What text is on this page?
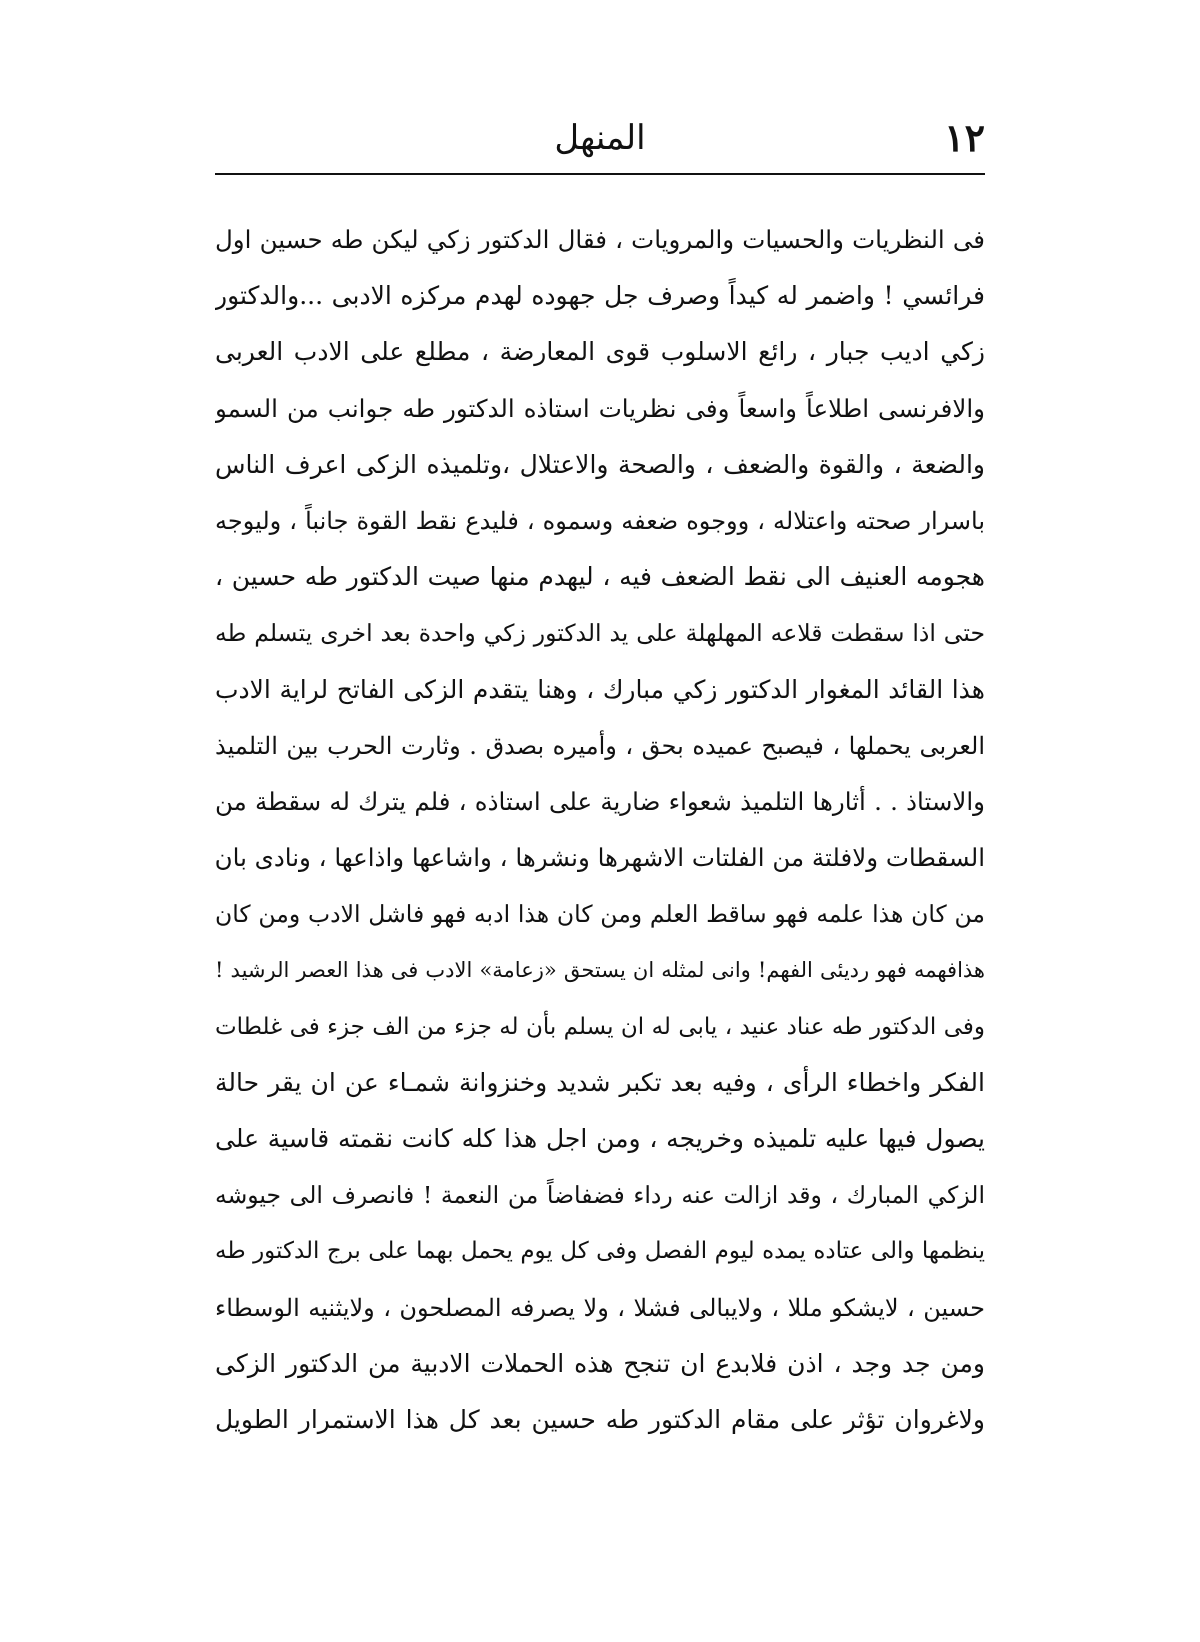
١٢
المنهل
فى النظريات والحسيات والمرويات ، فقال الدكتور زكي ليكن طه حسين اول
فرائسي ! واضمر له كيداً وصرف جل جهوده لهدم مركزه الادبى ...والدكتور
زكي اديب جبار ، رائع الاسلوب قوى المعارضة ، مطلع على الادب العربى
والافرنسى اطلاعاً واسعاً وفى نظريات استاذه الدكتور طه جوانب من السمو
والضعة ، والقوة والضعف ، والصحة والاعتلال ،وتلميذه الزكى اعرف الناس
باسرار صحته واعتلاله ، ووجوه ضعفه وسموه ، فليدع نقط القوة جانباً ، وليوجه
هجومه العنيف الى نقط الضعف فيه ، ليهدم منها صيت الدكتور طه حسين ،
حتى اذا سقطت قلاعه المهلهلة على يد الدكتور زكي واحدة بعد اخرى يتسلم طه
هذا القائد المغوار الدكتور زكي مبارك ، وهنا يتقدم الزكى الفاتح لراية الادب
العربى يحملها ، فيصبح عميده بحق ، وأميره بصدق . وثارت الحرب بين التلميذ
والاستاذ . . أثارها التلميذ شعواء ضارية على استاذه ، فلم يترك له سقطة من
السقطات ولافلتة من الفلتات الاشهرها ونشرها ، واشاعها واذاعها ، ونادى بان
من كان هذا علمه فهو ساقط العلم ومن كان هذا ادبه فهو فاشل الادب ومن كان
هذافهمه فهو رديئى الفهم! وانى لمثله ان يستحق «زعامة» الادب فى هذا العصر الرشيد !
وفى الدكتور طه عناد عنيد ، يابى له ان يسلم بأن له جزء من الف جزء فى غلطات
الفكر واخطاء الرأى ، وفيه بعد تكبر شديد وخنزوانة شمـاء عن ان يقر حالة
يصول فيها عليه تلميذه وخريجه ، ومن اجل هذا كله كانت نقمته قاسية على
الزكي المبارك ، وقد ازالت عنه رداء فضفاضاً من النعمة ! فانصرف الى جيوشه
ينظمها والى عتاده يمده ليوم الفصل وفى كل يوم يحمل بهما على برج الدكتور طه
حسين ، لايشكو مللا ، ولايبالى فشلا ، ولا يصرفه المصلحون ، ولايثنيه الوسطاء
ومن جد وجد ، اذن فلابدع ان تنجح هذه الحملات الادبية من الدكتور الزكى
ولاغروان تؤثر على مقام الدكتور طه حسين بعد كل هذا الاستمرار الطويل
